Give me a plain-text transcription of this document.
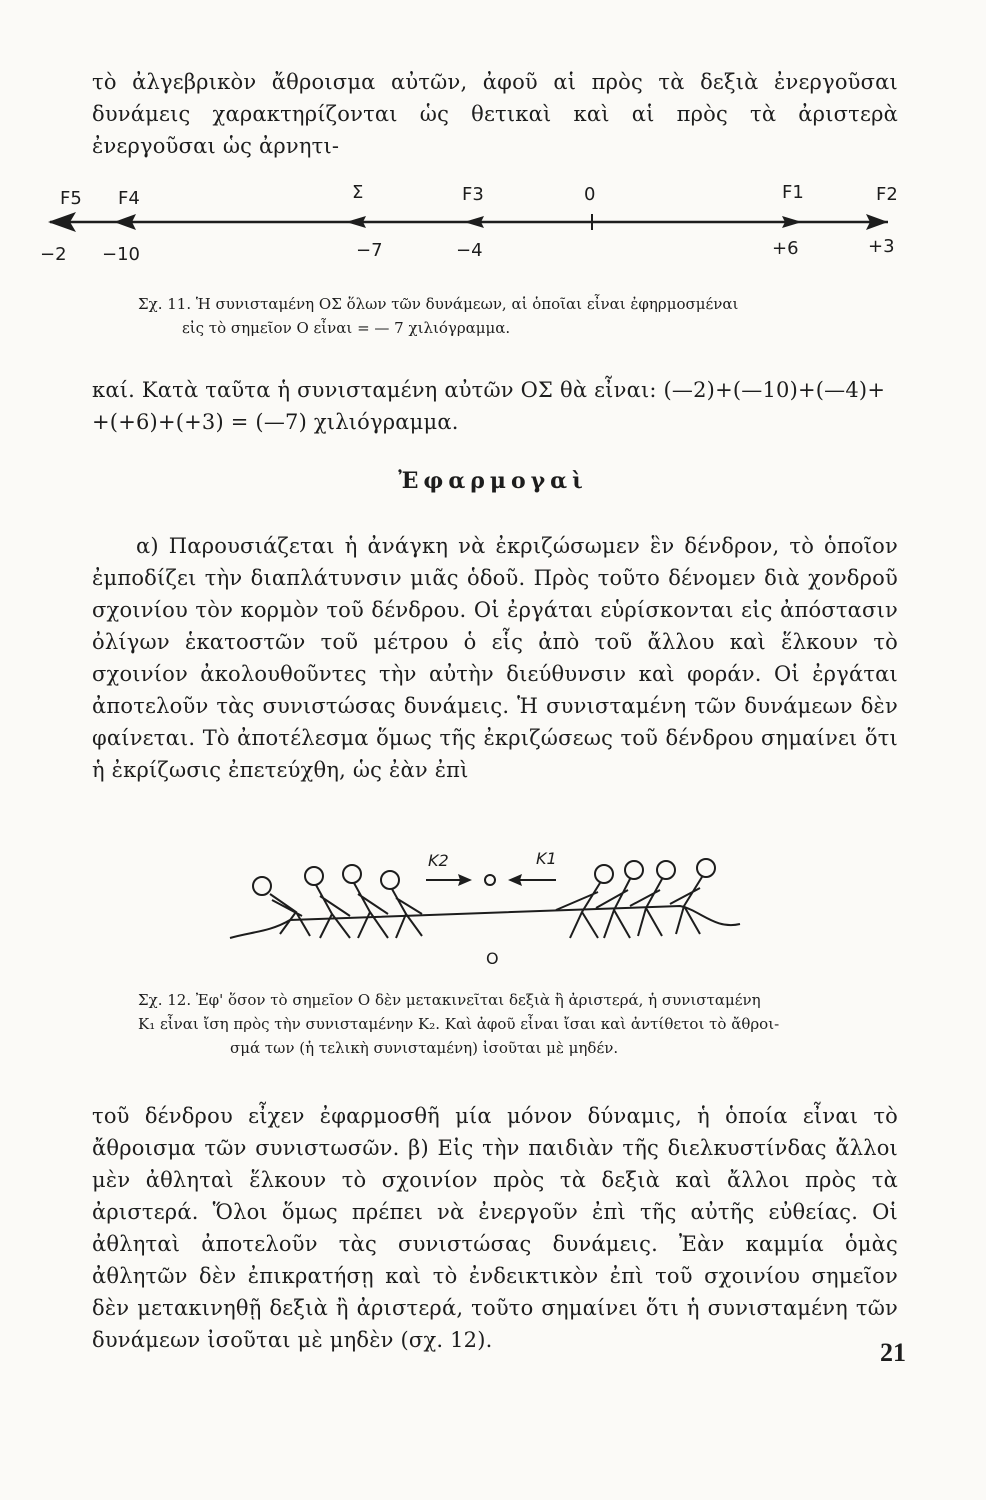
τὸ ἀλγεβρικὸν ἄθροισμα αὐτῶν, ἀφοῦ αἱ πρὸς τὰ δεξιὰ ἐνεργοῦσαι δυνάμεις χαρακτηρίζονται ὡς θετικαὶ καὶ αἱ πρὸς τὰ ἀριστερὰ ἐνεργοῦσαι ὡς ἀρνητι-
F5 F4	Σ	F3	0	F1	F2
−2 −10	−7	−4	+6	+3
Σχ. 11. Ἡ συνισταμένη ΟΣ ὅλων τῶν δυνάμεων, αἱ ὁποῖαι εἶναι ἐφηρμοσμέναι
εἰς τὸ σημεῖον Ο εἶναι = — 7 χιλιόγραμμα.
καί. Κατὰ ταῦτα ἡ συνισταμένη αὐτῶν ΟΣ θὰ εἶναι: (—2)+(—10)+(—4)+
+(+6)+(+3) = (—7) χιλιόγραμμα.
Ἐφαρμογαὶ
α) Παρουσιάζεται ἡ ἀνάγκη νὰ ἐκριζώσωμεν ἓν δένδρον, τὸ ὁποῖον ἐμποδίζει τὴν διαπλάτυνσιν μιᾶς ὁδοῦ. Πρὸς τοῦτο δένομεν διὰ χονδροῦ σχοινίου τὸν κορμὸν τοῦ δένδρου. Οἱ ἐργάται εὑρίσκονται εἰς ἀπόστασιν ὀλίγων ἑκατοστῶν τοῦ μέτρου ὁ εἷς ἀπὸ τοῦ ἄλλου καὶ ἕλκουν τὸ σχοινίον ἀκολουθοῦντες τὴν αὐτὴν διεύθυνσιν καὶ φοράν. Οἱ ἐργάται ἀποτελοῦν τὰς συνιστώσας δυνάμεις. Ἡ συνισταμένη τῶν δυνάμεων δὲν φαίνεται. Τὸ ἀποτέλεσμα ὅμως τῆς ἐκριζώσεως τοῦ δένδρου σημαίνει ὅτι ἡ ἐκρίζωσις ἐπετεύχθη, ὡς ἐὰν ἐπὶ
0
K2	K1
O
Σχ. 12. Ἐφ' ὅσον τὸ σημεῖον Ο δὲν μετακινεῖται δεξιὰ ἢ ἀριστερά, ἡ συνισταμένη
K₁ εἶναι ἴση πρὸς τὴν συνισταμένην K₂. Καὶ ἀφοῦ εἶναι ἴσαι καὶ ἀντίθετοι τὸ ἄθροι-
σμά των (ἡ τελικὴ συνισταμένη) ἰσοῦται μὲ μηδέν.
τοῦ δένδρου εἶχεν ἐφαρμοσθῆ μία μόνον δύναμις, ἡ ὁποία εἶναι τὸ ἄθροισμα τῶν συνιστωσῶν. β) Εἰς τὴν παιδιὰν τῆς διελκυστίνδας ἄλλοι μὲν ἀθληταὶ ἕλκουν τὸ σχοινίον πρὸς τὰ δεξιὰ καὶ ἄλλοι πρὸς τὰ ἀριστερά. Ὅλοι ὅμως πρέπει νὰ ἐνεργοῦν ἐπὶ τῆς αὐτῆς εὐθείας. Οἱ ἀθληταὶ ἀποτελοῦν τὰς συνιστώσας δυνάμεις. Ἐὰν καμμία ὁμὰς ἀθλητῶν δὲν ἐπικρατήσῃ καὶ τὸ ἐνδεικτικὸν ἐπὶ τοῦ σχοινίου σημεῖον δὲν μετακινηθῇ δεξιὰ ἢ ἀριστερά, τοῦτο σημαίνει ὅτι ἡ συνισταμένη τῶν δυνάμεων ἰσοῦται μὲ μηδὲν (σχ. 12).	21
